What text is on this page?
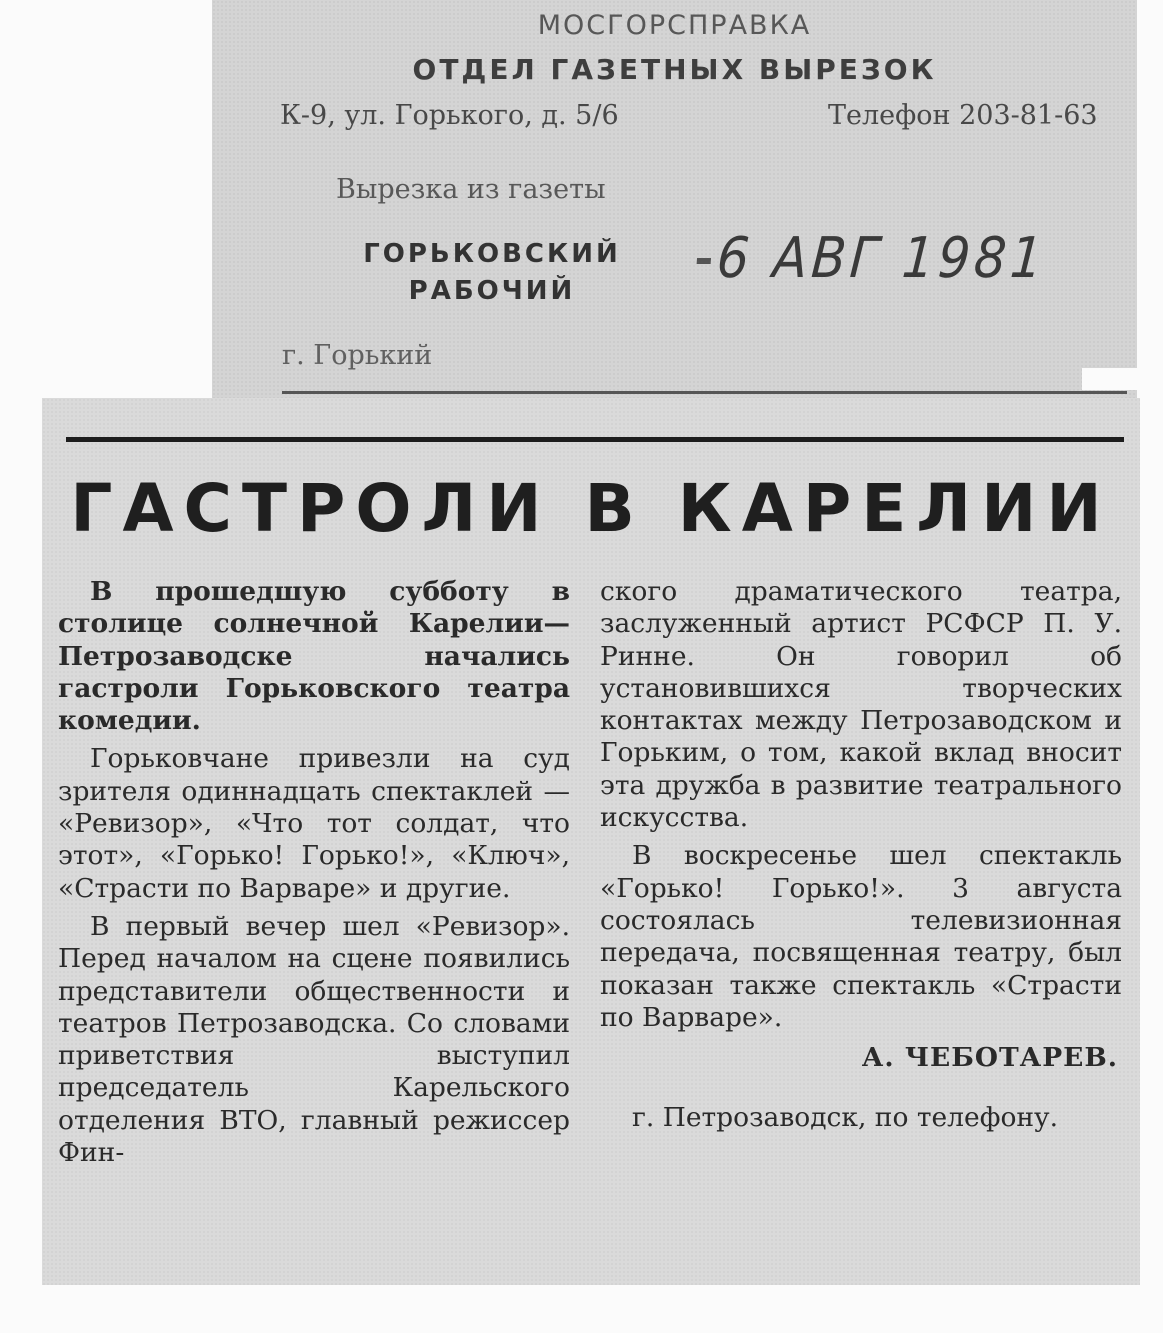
МОСГОРСПРАВКА
ОТДЕЛ ГАЗЕТНЫХ ВЫРЕЗОК
К-9, ул. Горького, д. 5/6	Телефон 203-81-63
Вырезка из газеты
ГОРЬКОВСКИЙ
РАБОЧИЙ	6 АВГ 1981
г. Горький
ГАСТРОЛИ В КАРЕЛИИ

В прошедшую субботу в столице солнечной Карелии— Петрозаводске начались гастроли Горьковского театра комедии.

Горьковчане привезли на суд зрителя одиннадцать спектаклей — «Ревизор», «Что тот солдат, что этот», «Горько! Горько!», «Ключ», «Страсти по Варваре» и другие.

В первый вечер шел «Ревизор». Перед началом на сцене появились представители общественности и театров Петрозаводска. Со словами приветствия выступил председатель Карельского отделения ВТО, главный режиссер Фин-

ского драматического театра, заслуженный артист РСФСР П. У. Ринне. Он говорил об установившихся творческих контактах между Петрозаводском и Горьким, о том, какой вклад вносит эта дружба в развитие театрального искусства.

В воскресенье шел спектакль «Горько! Горько!». 3 августа состоялась телевизионная передача, посвященная театру, был показан также спектакль «Страсти по Варваре».

А. ЧЕБОТАРЕВ.
г. Петрозаводск, по телефону.
